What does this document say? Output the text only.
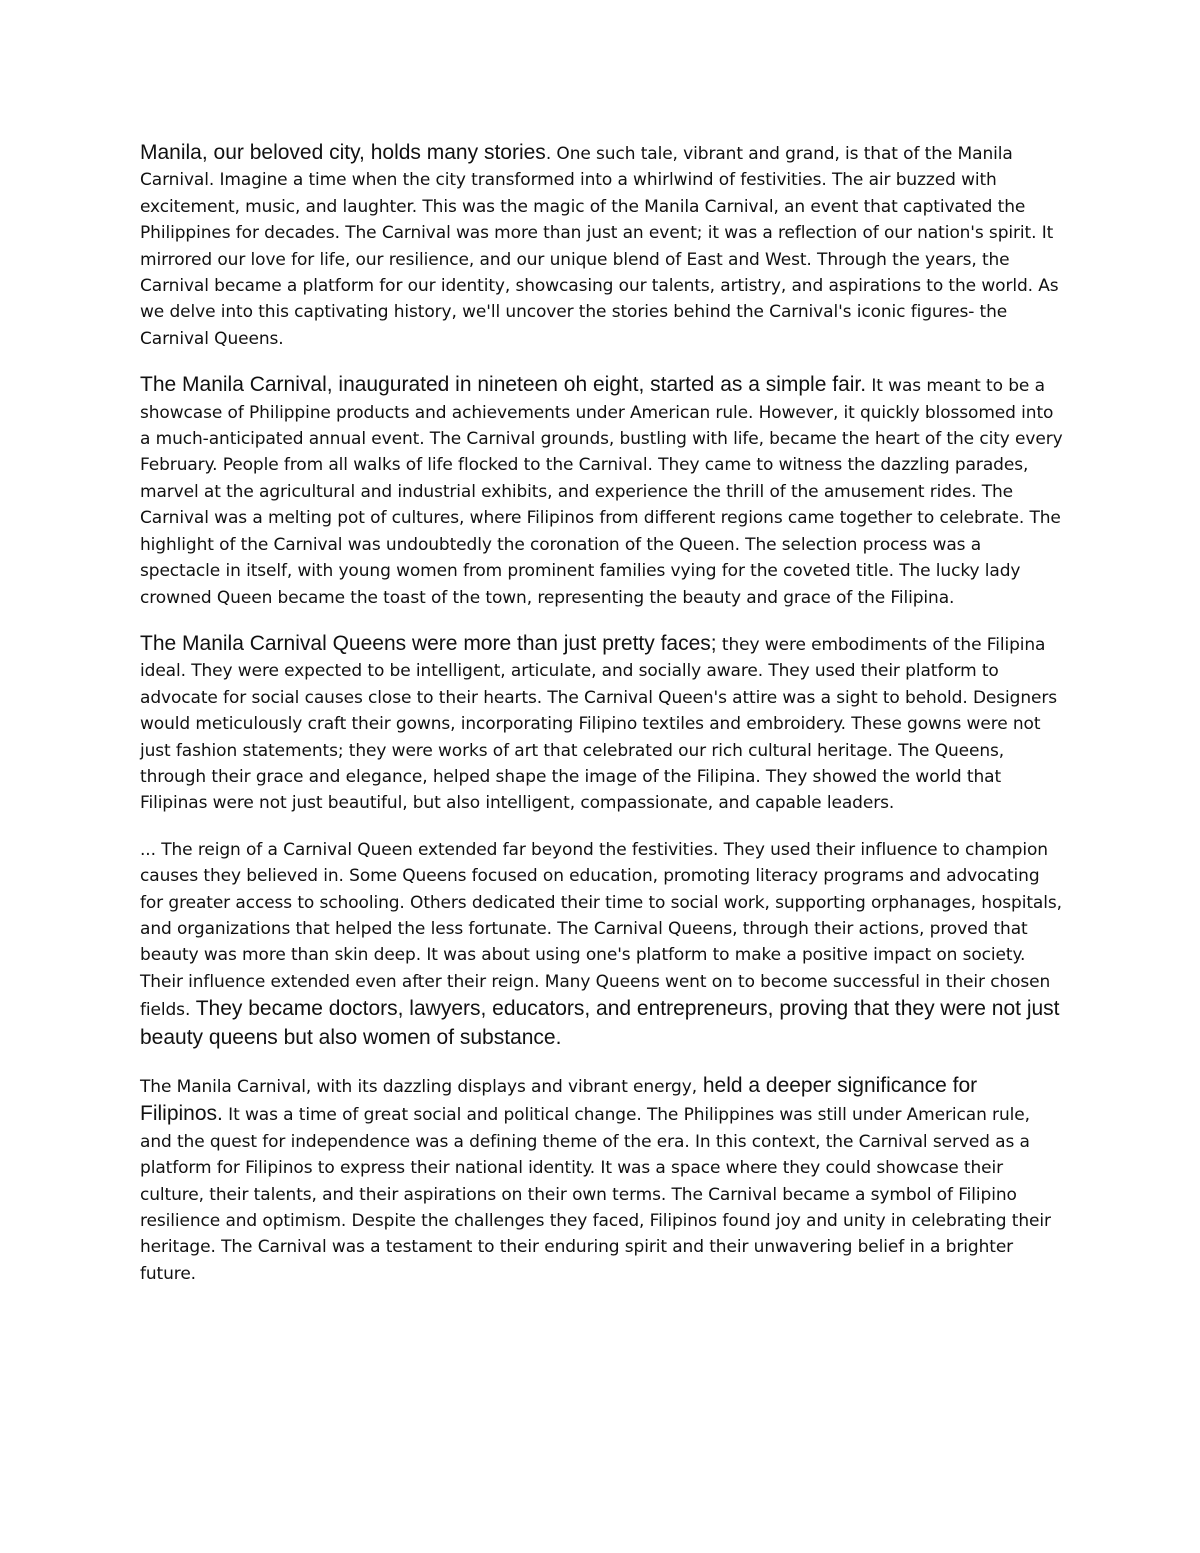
Manila, our beloved city, holds many stories. One such tale, vibrant and grand, is that of the Manila Carnival. Imagine a time when the city transformed into a whirlwind of festivities. The air buzzed with excitement, music, and laughter. This was the magic of the Manila Carnival, an event that captivated the Philippines for decades. The Carnival was more than just an event; it was a reflection of our nation's spirit. It mirrored our love for life, our resilience, and our unique blend of East and West. Through the years, the Carnival became a platform for our identity, showcasing our talents, artistry, and aspirations to the world. As we delve into this captivating history, we'll uncover the stories behind the Carnival's iconic figures- the Carnival Queens.

The Manila Carnival, inaugurated in nineteen oh eight, started as a simple fair. It was meant to be a showcase of Philippine products and achievements under American rule. However, it quickly blossomed into a much-anticipated annual event. The Carnival grounds, bustling with life, became the heart of the city every February. People from all walks of life flocked to the Carnival. They came to witness the dazzling parades, marvel at the agricultural and industrial exhibits, and experience the thrill of the amusement rides. The Carnival was a melting pot of cultures, where Filipinos from different regions came together to celebrate. The highlight of the Carnival was undoubtedly the coronation of the Queen. The selection process was a spectacle in itself, with young women from prominent families vying for the coveted title. The lucky lady crowned Queen became the toast of the town, representing the beauty and grace of the Filipina.

The Manila Carnival Queens were more than just pretty faces; they were embodiments of the Filipina ideal. They were expected to be intelligent, articulate, and socially aware. They used their platform to advocate for social causes close to their hearts. The Carnival Queen's attire was a sight to behold. Designers would meticulously craft their gowns, incorporating Filipino textiles and embroidery. These gowns were not just fashion statements; they were works of art that celebrated our rich cultural heritage. The Queens, through their grace and elegance, helped shape the image of the Filipina. They showed the world that Filipinas were not just beautiful, but also intelligent, compassionate, and capable leaders.

... The reign of a Carnival Queen extended far beyond the festivities. They used their influence to champion causes they believed in. Some Queens focused on education, promoting literacy programs and advocating for greater access to schooling. Others dedicated their time to social work, supporting orphanages, hospitals, and organizations that helped the less fortunate. The Carnival Queens, through their actions, proved that beauty was more than skin deep. It was about using one's platform to make a positive impact on society. Their influence extended even after their reign. Many Queens went on to become successful in their chosen fields. They became doctors, lawyers, educators, and entrepreneurs, proving that they were not just beauty queens but also women of substance.

The Manila Carnival, with its dazzling displays and vibrant energy, held a deeper significance for Filipinos. It was a time of great social and political change. The Philippines was still under American rule, and the quest for independence was a defining theme of the era. In this context, the Carnival served as a platform for Filipinos to express their national identity. It was a space where they could showcase their culture, their talents, and their aspirations on their own terms. The Carnival became a symbol of Filipino resilience and optimism. Despite the challenges they faced, Filipinos found joy and unity in celebrating their heritage. The Carnival was a testament to their enduring spirit and their unwavering belief in a brighter future.
